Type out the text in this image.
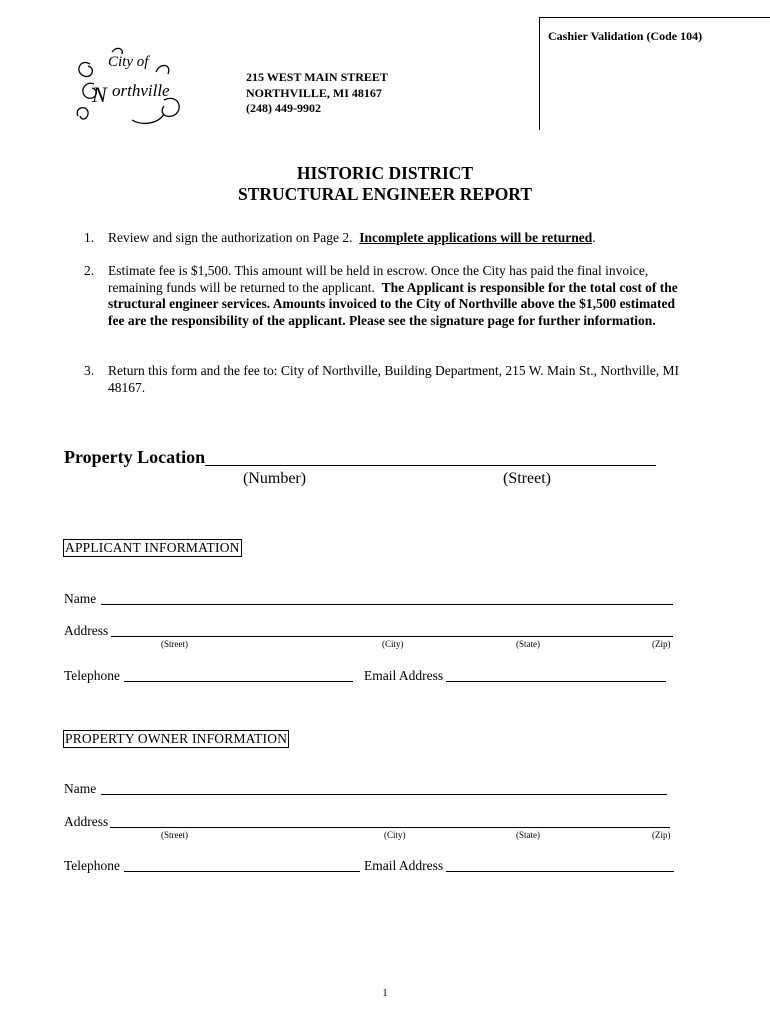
Cashier Validation (Code 104)
City of
N orthville
215 WEST MAIN STREET
NORTHVILLE, MI 48167
(248) 449-9902
HISTORIC DISTRICT
STRUCTURAL ENGINEER REPORT
1. Review and sign the authorization on Page 2. Incomplete applications will be returned.
2. Estimate fee is $1,500. This amount will be held in escrow. Once the City has paid the final invoice, remaining funds will be returned to the applicant. The Applicant is responsible for the total cost of the structural engineer services. Amounts invoiced to the City of Northville above the $1,500 estimated fee are the responsibility of the applicant. Please see the signature page for further information.
3. Return this form and the fee to: City of Northville, Building Department, 215 W. Main St., Northville, MI 48167.
Property Location
(Number)	(Street)
APPLICANT INFORMATION
Name
Address
(Street)	(City)	(State)	(Zip)
Telephone	Email Address
PROPERTY OWNER INFORMATION
Name
Address
(Street)	(City)	(State)	(Zip)
Telephone	Email Address
1
